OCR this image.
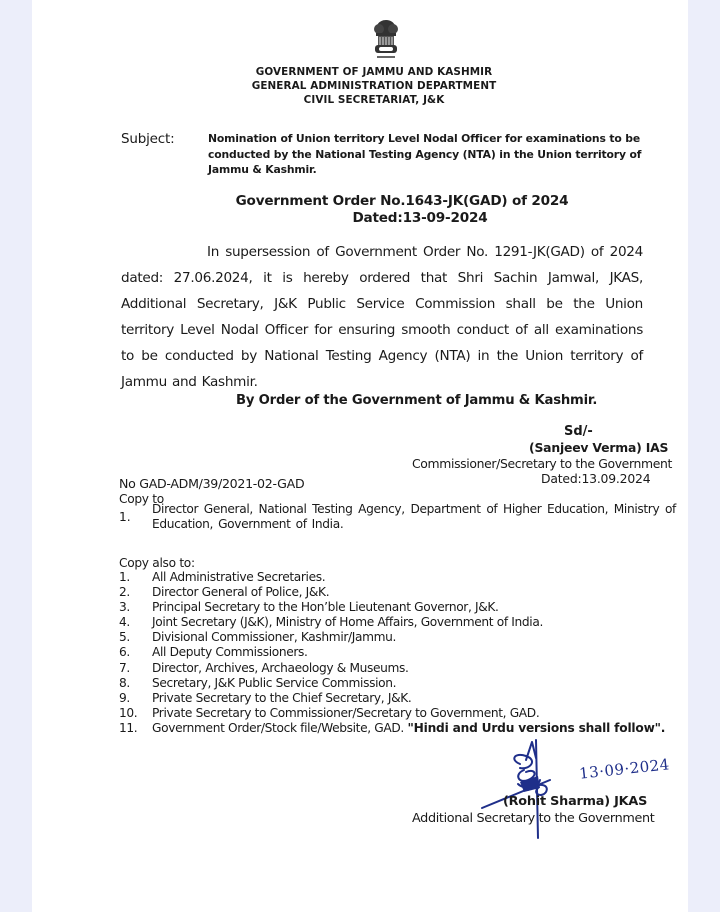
GOVERNMENT OF JAMMU AND KASHMIR
GENERAL ADMINISTRATION DEPARTMENT
CIVIL SECRETARIAT, J&K
Subject:	Nomination of Union territory Level Nodal Officer for examinations to be conducted by the National Testing Agency (NTA) in the Union territory of Jammu & Kashmir.
Government Order No.1643-JK(GAD) of 2024
Dated:13-09-2024
In supersession of Government Order No. 1291-JK(GAD) of 2024 dated: 27.06.2024, it is hereby ordered that Shri Sachin Jamwal, JKAS, Additional Secretary, J&K Public Service Commission shall be the Union territory Level Nodal Officer for ensuring smooth conduct of all examinations to be conducted by National Testing Agency (NTA) in the Union territory of Jammu and Kashmir.
By Order of the Government of Jammu & Kashmir.
Sd/-
(Sanjeev Verma) IAS
Commissioner/Secretary to the Government
Dated:13.09.2024
No GAD-ADM/39/2021-02-GAD
Copy to
1.
Director General, National Testing Agency, Department of Higher Education, Ministry of Education, Government of India.
Copy also to:
1. All Administrative Secretaries.
2. Director General of Police, J&K.
3. Principal Secretary to the Hon’ble Lieutenant Governor, J&K.
4. Joint Secretary (J&K), Ministry of Home Affairs, Government of India.
5. Divisional Commissioner, Kashmir/Jammu.
6. All Deputy Commissioners.
7. Director, Archives, Archaeology & Museums.
8. Secretary, J&K Public Service Commission.
9. Private Secretary to the Chief Secretary, J&K.
10. Private Secretary to Commissioner/Secretary to Government, GAD.
11. Government Order/Stock file/Website, GAD. "Hindi and Urdu versions shall follow".
13·09·2024
(Rohit Sharma) JKAS
Additional Secretary to the Government
